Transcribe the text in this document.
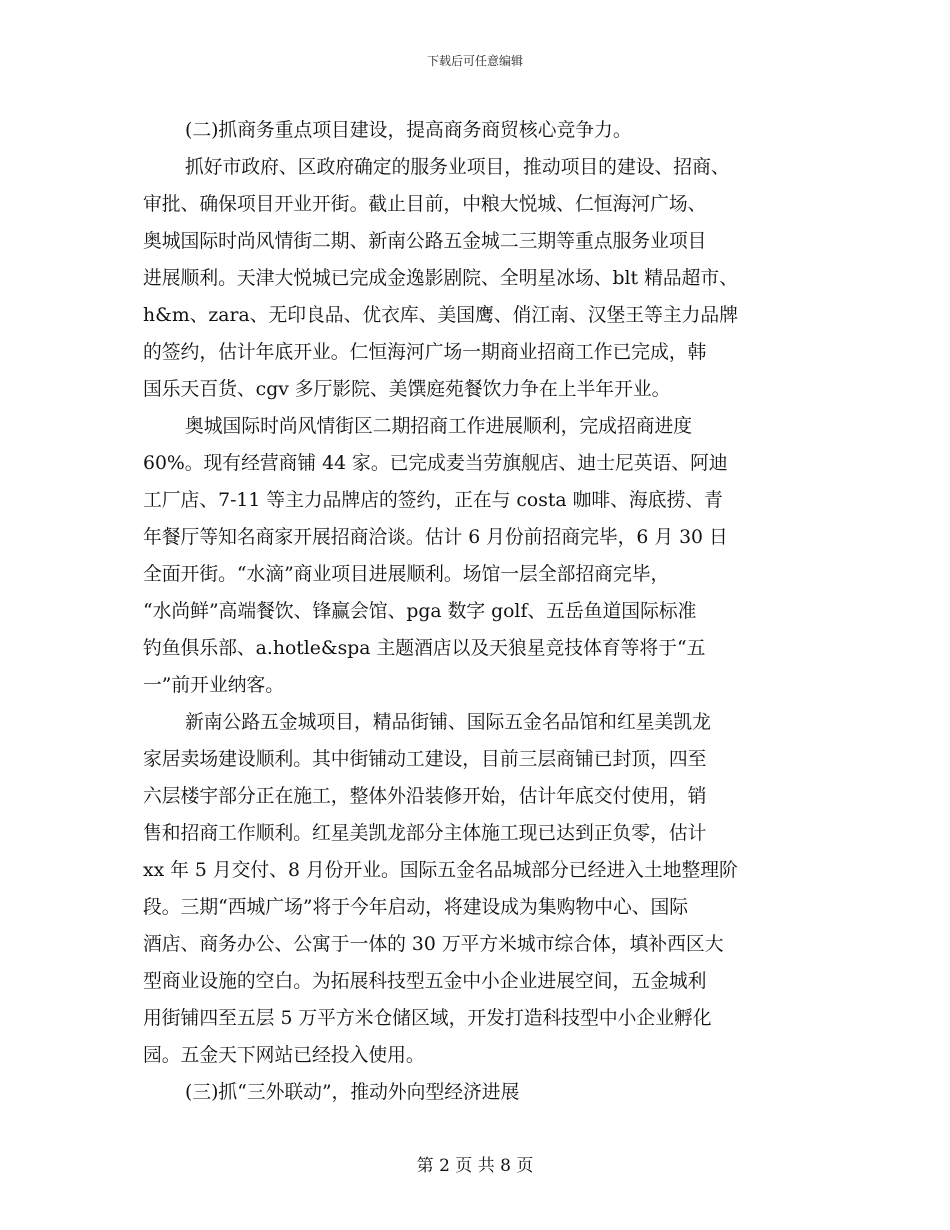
下载后可任意编辑
(二)抓商务重点项目建设，提高商务商贸核心竞争力。
抓好市政府、区政府确定的服务业项目，推动项目的建设、招商、
审批、确保项目开业开街。截止目前，中粮大悦城、仁恒海河广场、
奥城国际时尚风情街二期、新南公路五金城二三期等重点服务业项目
进展顺利。天津大悦城已完成金逸影剧院、全明星冰场、blt 精品超市、
h&m、zara、无印良品、优衣库、美国鹰、俏江南、汉堡王等主力品牌
的签约，估计年底开业。仁恒海河广场一期商业招商工作已完成，韩
国乐天百货、cgv 多厅影院、美馔庭苑餐饮力争在上半年开业。
奥城国际时尚风情街区二期招商工作进展顺利，完成招商进度
60%。现有经营商铺 44 家。已完成麦当劳旗舰店、迪士尼英语、阿迪
工厂店、7-11 等主力品牌店的签约，正在与 costa 咖啡、海底捞、青
年餐厅等知名商家开展招商洽谈。估计 6 月份前招商完毕，6 月 30 日
全面开街。“水滴”商业项目进展顺利。场馆一层全部招商完毕，
“水尚鲜”高端餐饮、锋赢会馆、pga 数字 golf、五岳鱼道国际标准
钓鱼俱乐部、a.hotle&spa 主题酒店以及天狼星竞技体育等将于“五
一”前开业纳客。
新南公路五金城项目，精品街铺、国际五金名品馆和红星美凯龙
家居卖场建设顺利。其中街铺动工建设，目前三层商铺已封顶，四至
六层楼宇部分正在施工，整体外沿装修开始，估计年底交付使用，销
售和招商工作顺利。红星美凯龙部分主体施工现已达到正负零，估计
xx 年 5 月交付、8 月份开业。国际五金名品城部分已经进入土地整理阶
段。三期“西城广场”将于今年启动，将建设成为集购物中心、国际
酒店、商务办公、公寓于一体的 30 万平方米城市综合体，填补西区大
型商业设施的空白。为拓展科技型五金中小企业进展空间，五金城利
用街铺四至五层 5 万平方米仓储区域，开发打造科技型中小企业孵化
园。五金天下网站已经投入使用。
(三)抓“三外联动”，推动外向型经济进展
第 2 页 共 8 页
